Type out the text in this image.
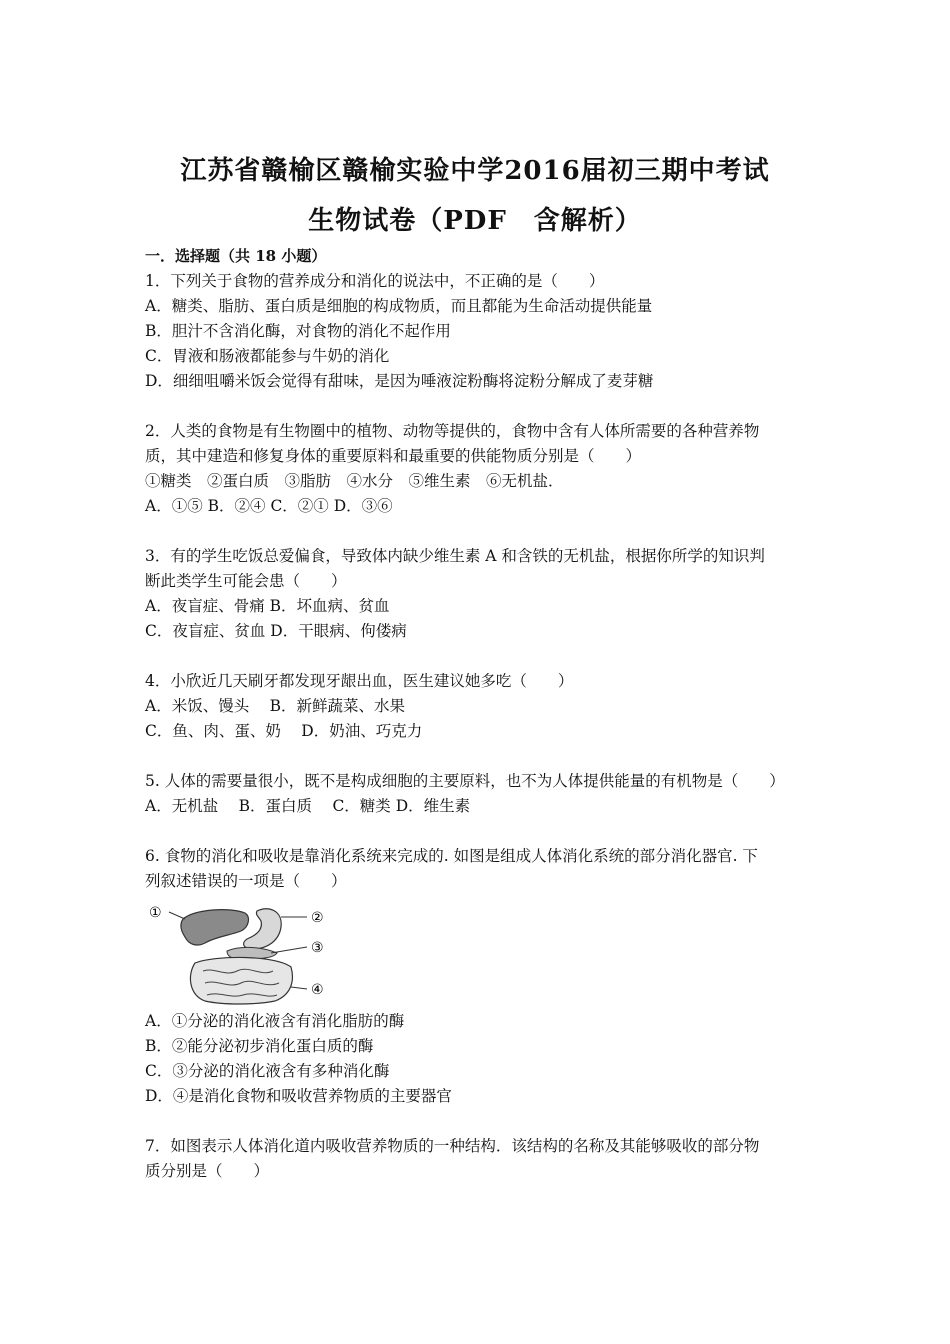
江苏省赣榆区赣榆实验中学2016届初三期中考试
生物试卷（PDF　含解析）
一．选择题（共 18 小题）
1．下列关于食物的营养成分和消化的说法中，不正确的是（　　）
A．糖类、脂肪、蛋白质是细胞的构成物质，而且都能为生命活动提供能量
B．胆汁不含消化酶，对食物的消化不起作用
C．胃液和肠液都能参与牛奶的消化
D．细细咀嚼米饭会觉得有甜味，是因为唾液淀粉酶将淀粉分解成了麦芽糖
2．人类的食物是有生物圈中的植物、动物等提供的，食物中含有人体所需要的各种营养物
质，其中建造和修复身体的重要原料和最重要的供能物质分别是（　　）
①糖类　②蛋白质　③脂肪　④水分　⑤维生素　⑥无机盐．
A．①⑤ B．②④ C．②① D．③⑥
3．有的学生吃饭总爱偏食，导致体内缺少维生素 A 和含铁的无机盐，根据你所学的知识判
断此类学生可能会患（　　）
A．夜盲症、骨痛 B．坏血病、贫血
C．夜盲症、贫血 D．干眼病、佝偻病
4．小欣近几天刷牙都发现牙龈出血，医生建议她多吃（　　）
A．米饭、馒头　 B．新鲜蔬菜、水果
C．鱼、肉、蛋、奶　 D．奶油、巧克力
5. 人体的需要量很小，既不是构成细胞的主要原料，也不为人体提供能量的有机物是（　　）
A．无机盐　 B．蛋白质　 C．糖类 D．维生素
6. 食物的消化和吸收是靠消化系统来完成的. 如图是组成人体消化系统的部分消化器官. 下
列叙述错误的一项是（　　）
①	②
③
④
A．①分泌的消化液含有消化脂肪的酶
B．②能分泌初步消化蛋白质的酶
C．③分泌的消化液含有多种消化酶
D．④是消化食物和吸收营养物质的主要器官
7．如图表示人体消化道内吸收营养物质的一种结构．该结构的名称及其能够吸收的部分物
质分别是（　　）
